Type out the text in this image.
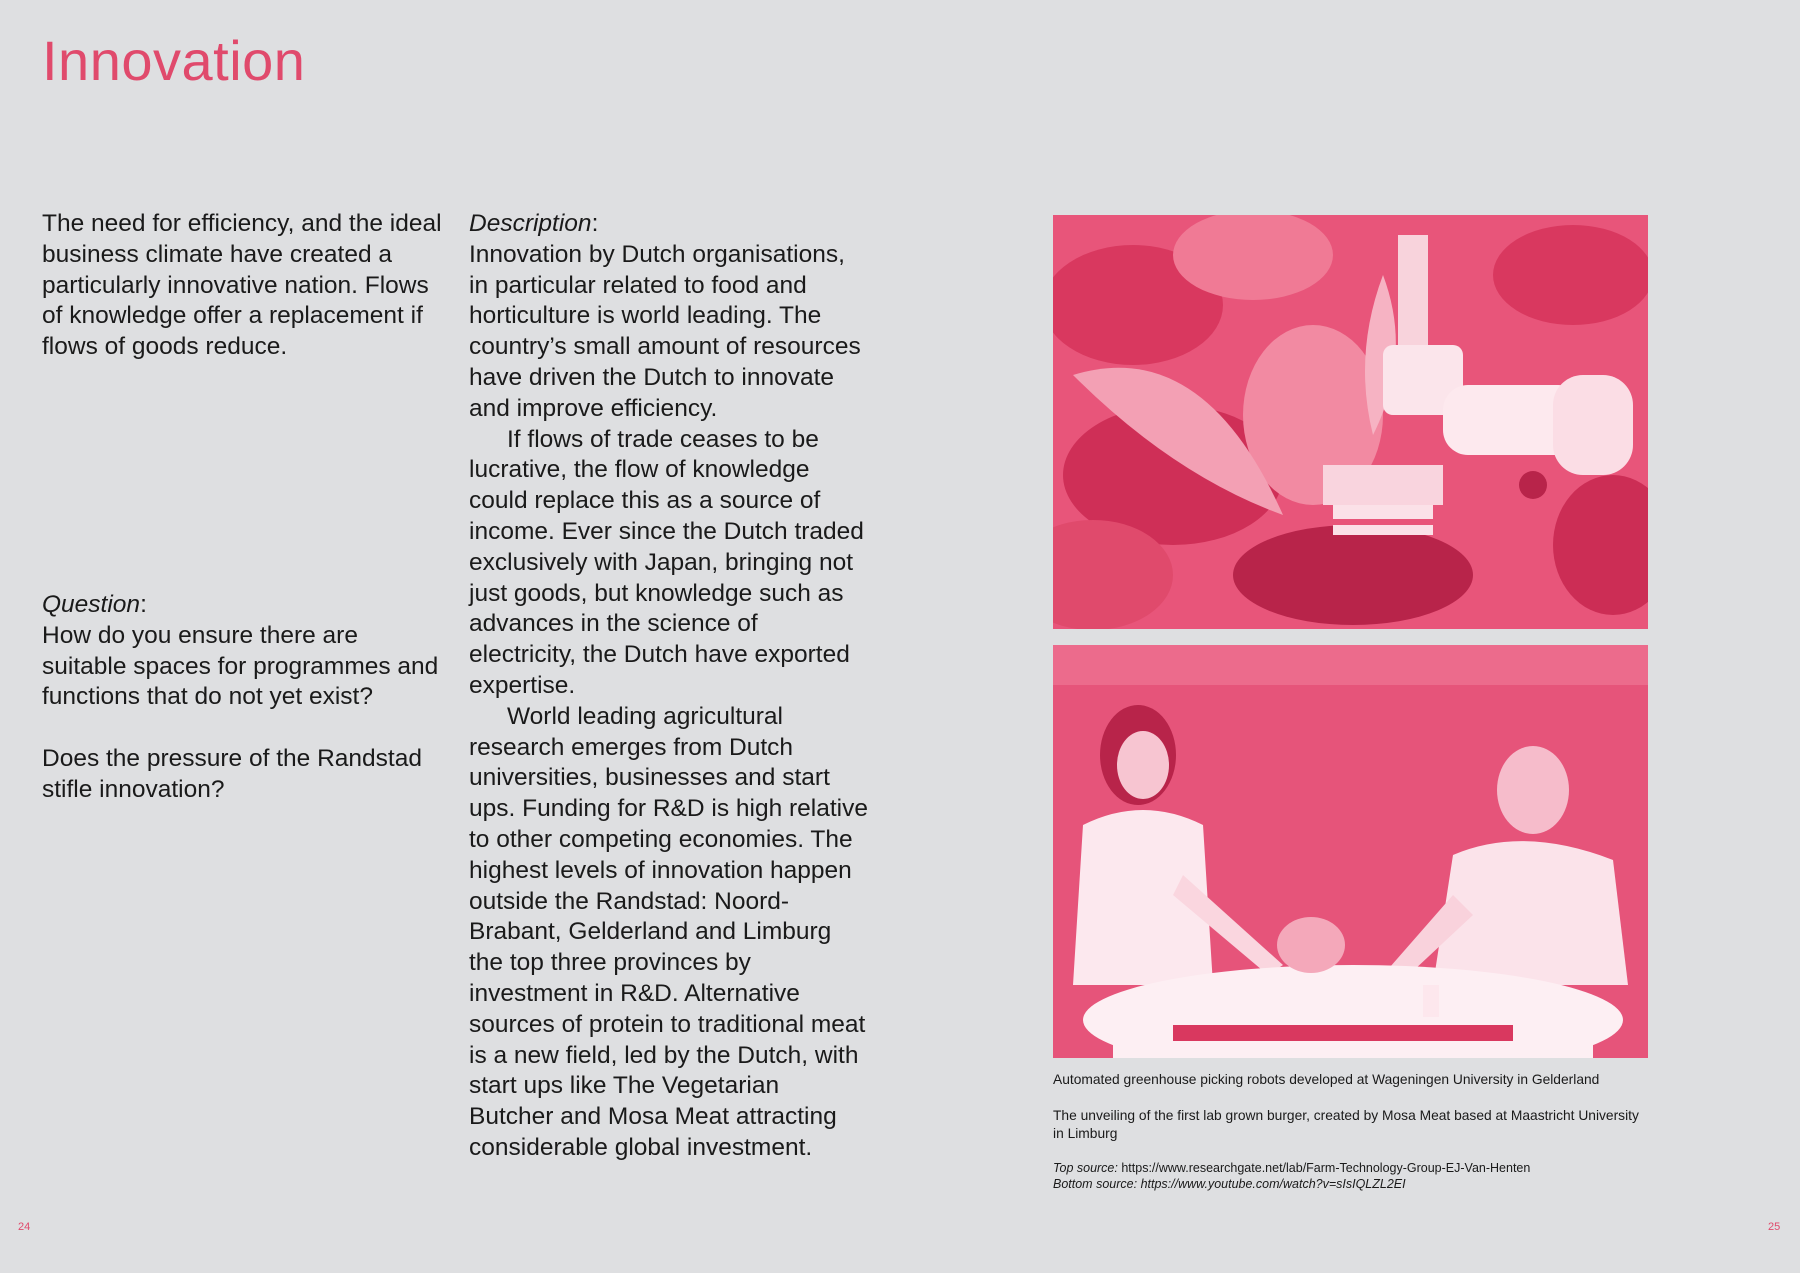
Innovation

The need for efficiency, and the ideal business climate have created a particularly innovative nation. Flows of knowledge offer a replacement if flows of goods reduce.

Question:

How do you ensure there are suitable spaces for programmes and functions that do not yet exist?

Does the pressure of the Randstad stifle innovation?

Description:

Innovation by Dutch organisations, in particular related to food and horticulture is world leading. The country’s small amount of resources have driven the Dutch to innovate and improve efficiency.

If flows of trade ceases to be lucrative, the flow of knowledge could replace this as a source of income. Ever since the Dutch traded exclusively with Japan, bringing not just goods, but knowledge such as advances in the science of electricity, the Dutch have exported expertise.

World leading agricultural research emerges from Dutch universities, businesses and start ups. Funding for R&D is high relative to other competing economies. The highest levels of innovation happen outside the Randstad: Noord-Brabant, Gelderland and Limburg the top three provinces by investment in R&D. Alternative sources of protein to traditional meat is a new field, led by the Dutch, with start ups like The Vegetarian Butcher and Mosa Meat attracting considerable global investment.

Automated greenhouse picking robots developed at Wageningen University in Gelderland

The unveiling of the first lab grown burger, created by Mosa Meat based at Maastricht University in Limburg

Top source: https://www.researchgate.net/lab/Farm-Technology-Group-EJ-Van-Henten

Bottom source: https://www.youtube.com/watch?v=sIsIQLZL2EI

24	25
